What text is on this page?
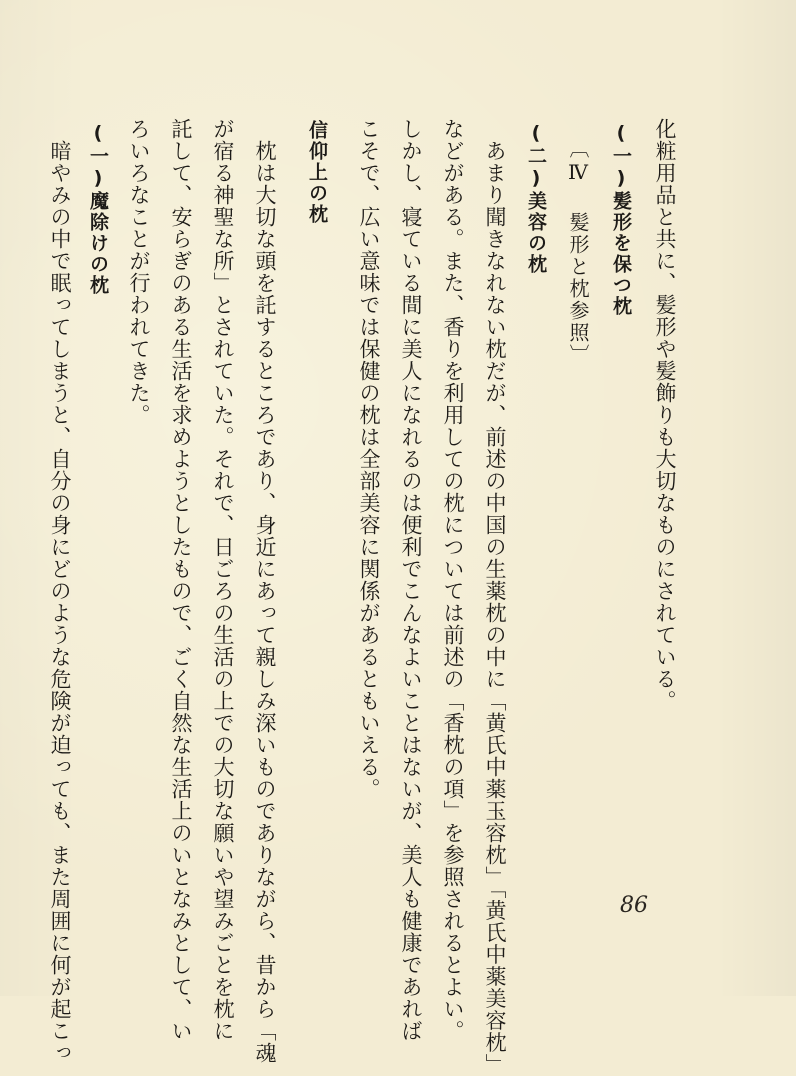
化粧用品と共に、髪形や髪飾りも大切なものにされている。
(一)髪形を保つ枕
〔Ⅳ 髪形と枕参照〕
(二)美容の枕
あまり聞きなれない枕だが、前述の中国の生薬枕の中に「黄氏中薬玉容枕」「黄氏中薬美容枕」
などがある。また、香りを利用しての枕については前述の「香枕の項」を参照されるとよい。
しかし、寝ている間に美人になれるのは便利でこんなよいことはないが、美人も健康であれば
こそで、広い意味では保健の枕は全部美容に関係があるともいえる。
信仰上の枕
枕は大切な頭を託するところであり、身近にあって親しみ深いものでありながら、昔から「魂
が宿る神聖な所」とされていた。それで、日ごろの生活の上での大切な願いや望みごとを枕に
託して、安らぎのある生活を求めようとしたもので、ごく自然な生活上のいとなみとして、い
ろいろなことが行われてきた。
(一)魔除けの枕
暗やみの中で眠ってしまうと、自分の身にどのような危険が迫っても、また周囲に何が起こっ	86
